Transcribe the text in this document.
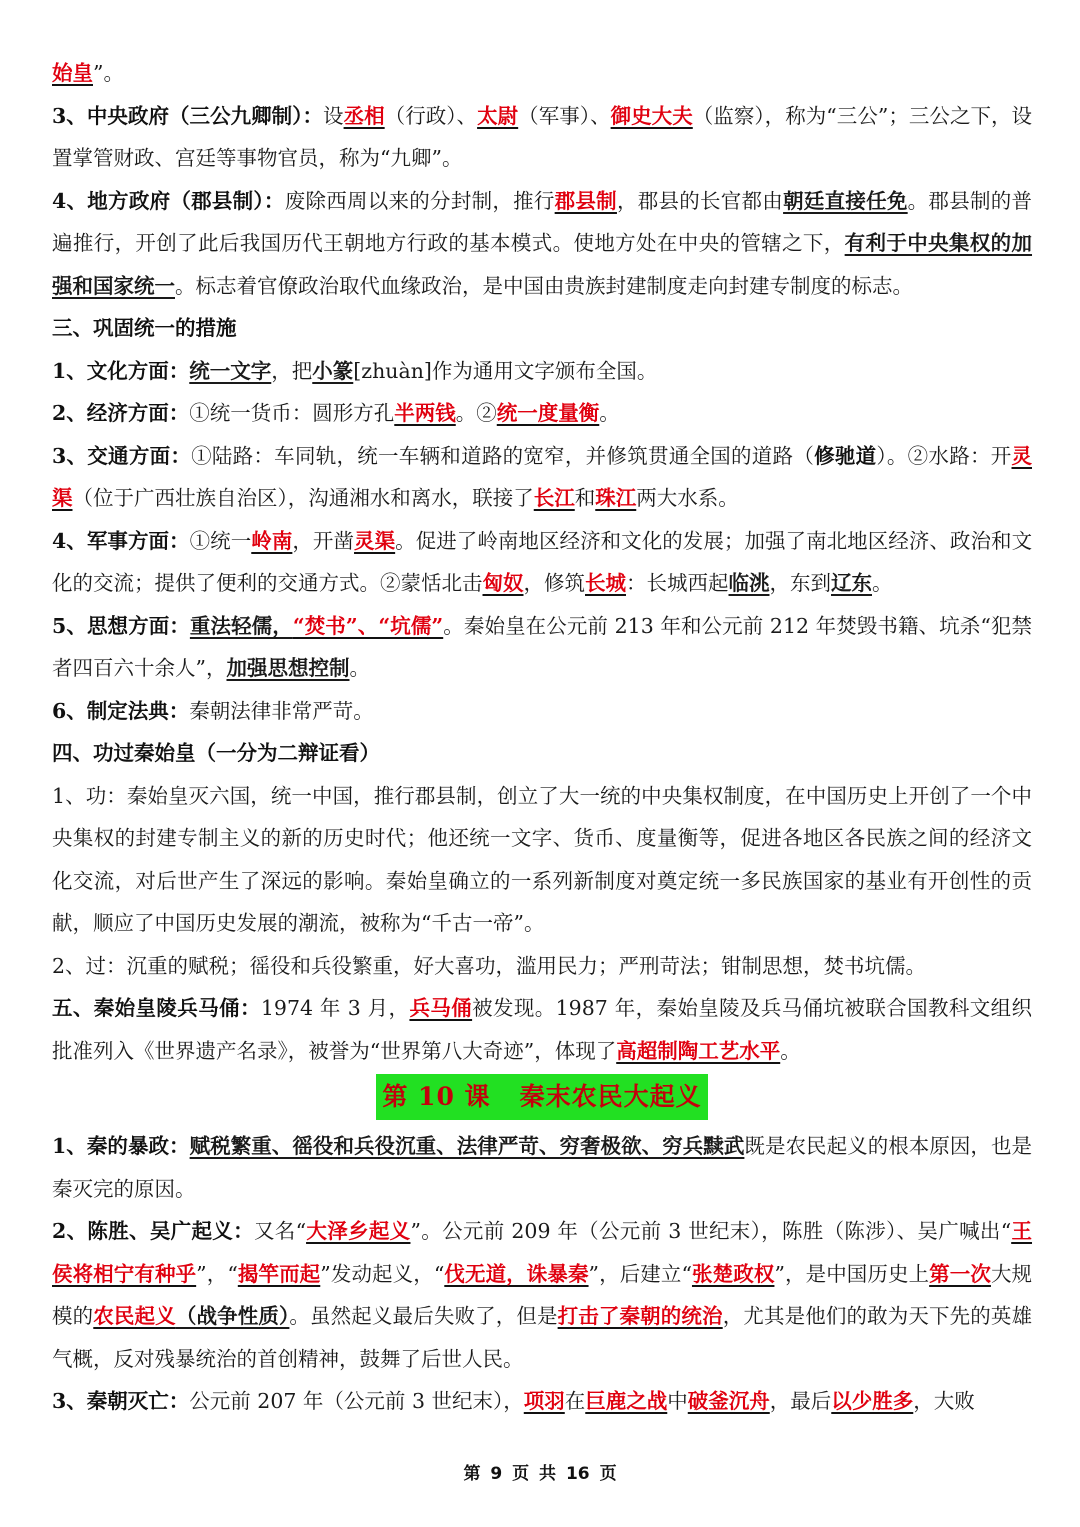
始皇”。

3、中央政府（三公九卿制）：设丞相（行政）、太尉（军事）、御史大夫（监察），称为“三公”；三公之下，设置掌管财政、宫廷等事物官员，称为“九卿”。

4、地方政府（郡县制）：废除西周以来的分封制，推行郡县制，郡县的长官都由朝廷直接任免。郡县制的普遍推行，开创了此后我国历代王朝地方行政的基本模式。使地方处在中央的管辖之下，有利于中央集权的加强和国家统一。标志着官僚政治取代血缘政治，是中国由贵族封建制度走向封建专制度的标志。

三、巩固统一的措施

1、文化方面：统一文字，把小篆[zhuàn]作为通用文字颁布全国。

2、经济方面：①统一货币：圆形方孔半两钱。②统一度量衡。

3、交通方面：①陆路：车同轨，统一车辆和道路的宽窄，并修筑贯通全国的道路（修驰道）。②水路：开灵渠（位于广西壮族自治区），沟通湘水和离水，联接了长江和珠江两大水系。

4、军事方面：①统一岭南，开凿灵渠。促进了岭南地区经济和文化的发展；加强了南北地区经济、政治和文化的交流；提供了便利的交通方式。②蒙恬北击匈奴，修筑长城：长城西起临洮，东到辽东。

5、思想方面：重法轻儒，“焚书”、“坑儒”。秦始皇在公元前 213 年和公元前 212 年焚毁书籍、坑杀“犯禁者四百六十余人”，加强思想控制。

6、制定法典：秦朝法律非常严苛。

四、功过秦始皇（一分为二辩证看）

1、功：秦始皇灭六国，统一中国，推行郡县制，创立了大一统的中央集权制度，在中国历史上开创了一个中央集权的封建专制主义的新的历史时代；他还统一文字、货币、度量衡等，促进各地区各民族之间的经济文化交流，对后世产生了深远的影响。秦始皇确立的一系列新制度对奠定统一多民族国家的基业有开创性的贡献，顺应了中国历史发展的潮流，被称为“千古一帝”。

2、过：沉重的赋税；徭役和兵役繁重，好大喜功，滥用民力；严刑苛法；钳制思想，焚书坑儒。

五、秦始皇陵兵马俑：1974 年 3 月，兵马俑被发现。1987 年，秦始皇陵及兵马俑坑被联合国教科文组织批准列入《世界遗产名录》，被誉为“世界第八大奇迹”，体现了高超制陶工艺水平。

第 10 课   秦末农民大起义

1、秦的暴政：赋税繁重、徭役和兵役沉重、法律严苛、穷奢极欲、穷兵黩武既是农民起义的根本原因，也是秦灭完的原因。

2、陈胜、吴广起义：又名“大泽乡起义”。公元前 209 年（公元前 3 世纪末），陈胜（陈涉）、吴广喊出“王侯将相宁有种乎”，“揭竿而起”发动起义，“伐无道，诛暴秦”，后建立“张楚政权”，是中国历史上第一次大规模的农民起义（战争性质）。虽然起义最后失败了，但是打击了秦朝的统治，尤其是他们的敢为天下先的英雄气概，反对残暴统治的首创精神，鼓舞了后世人民。

3、秦朝灭亡：公元前 207 年（公元前 3 世纪末），项羽在巨鹿之战中破釜沉舟，最后以少胜多，大败

第 9 页 共 16 页
